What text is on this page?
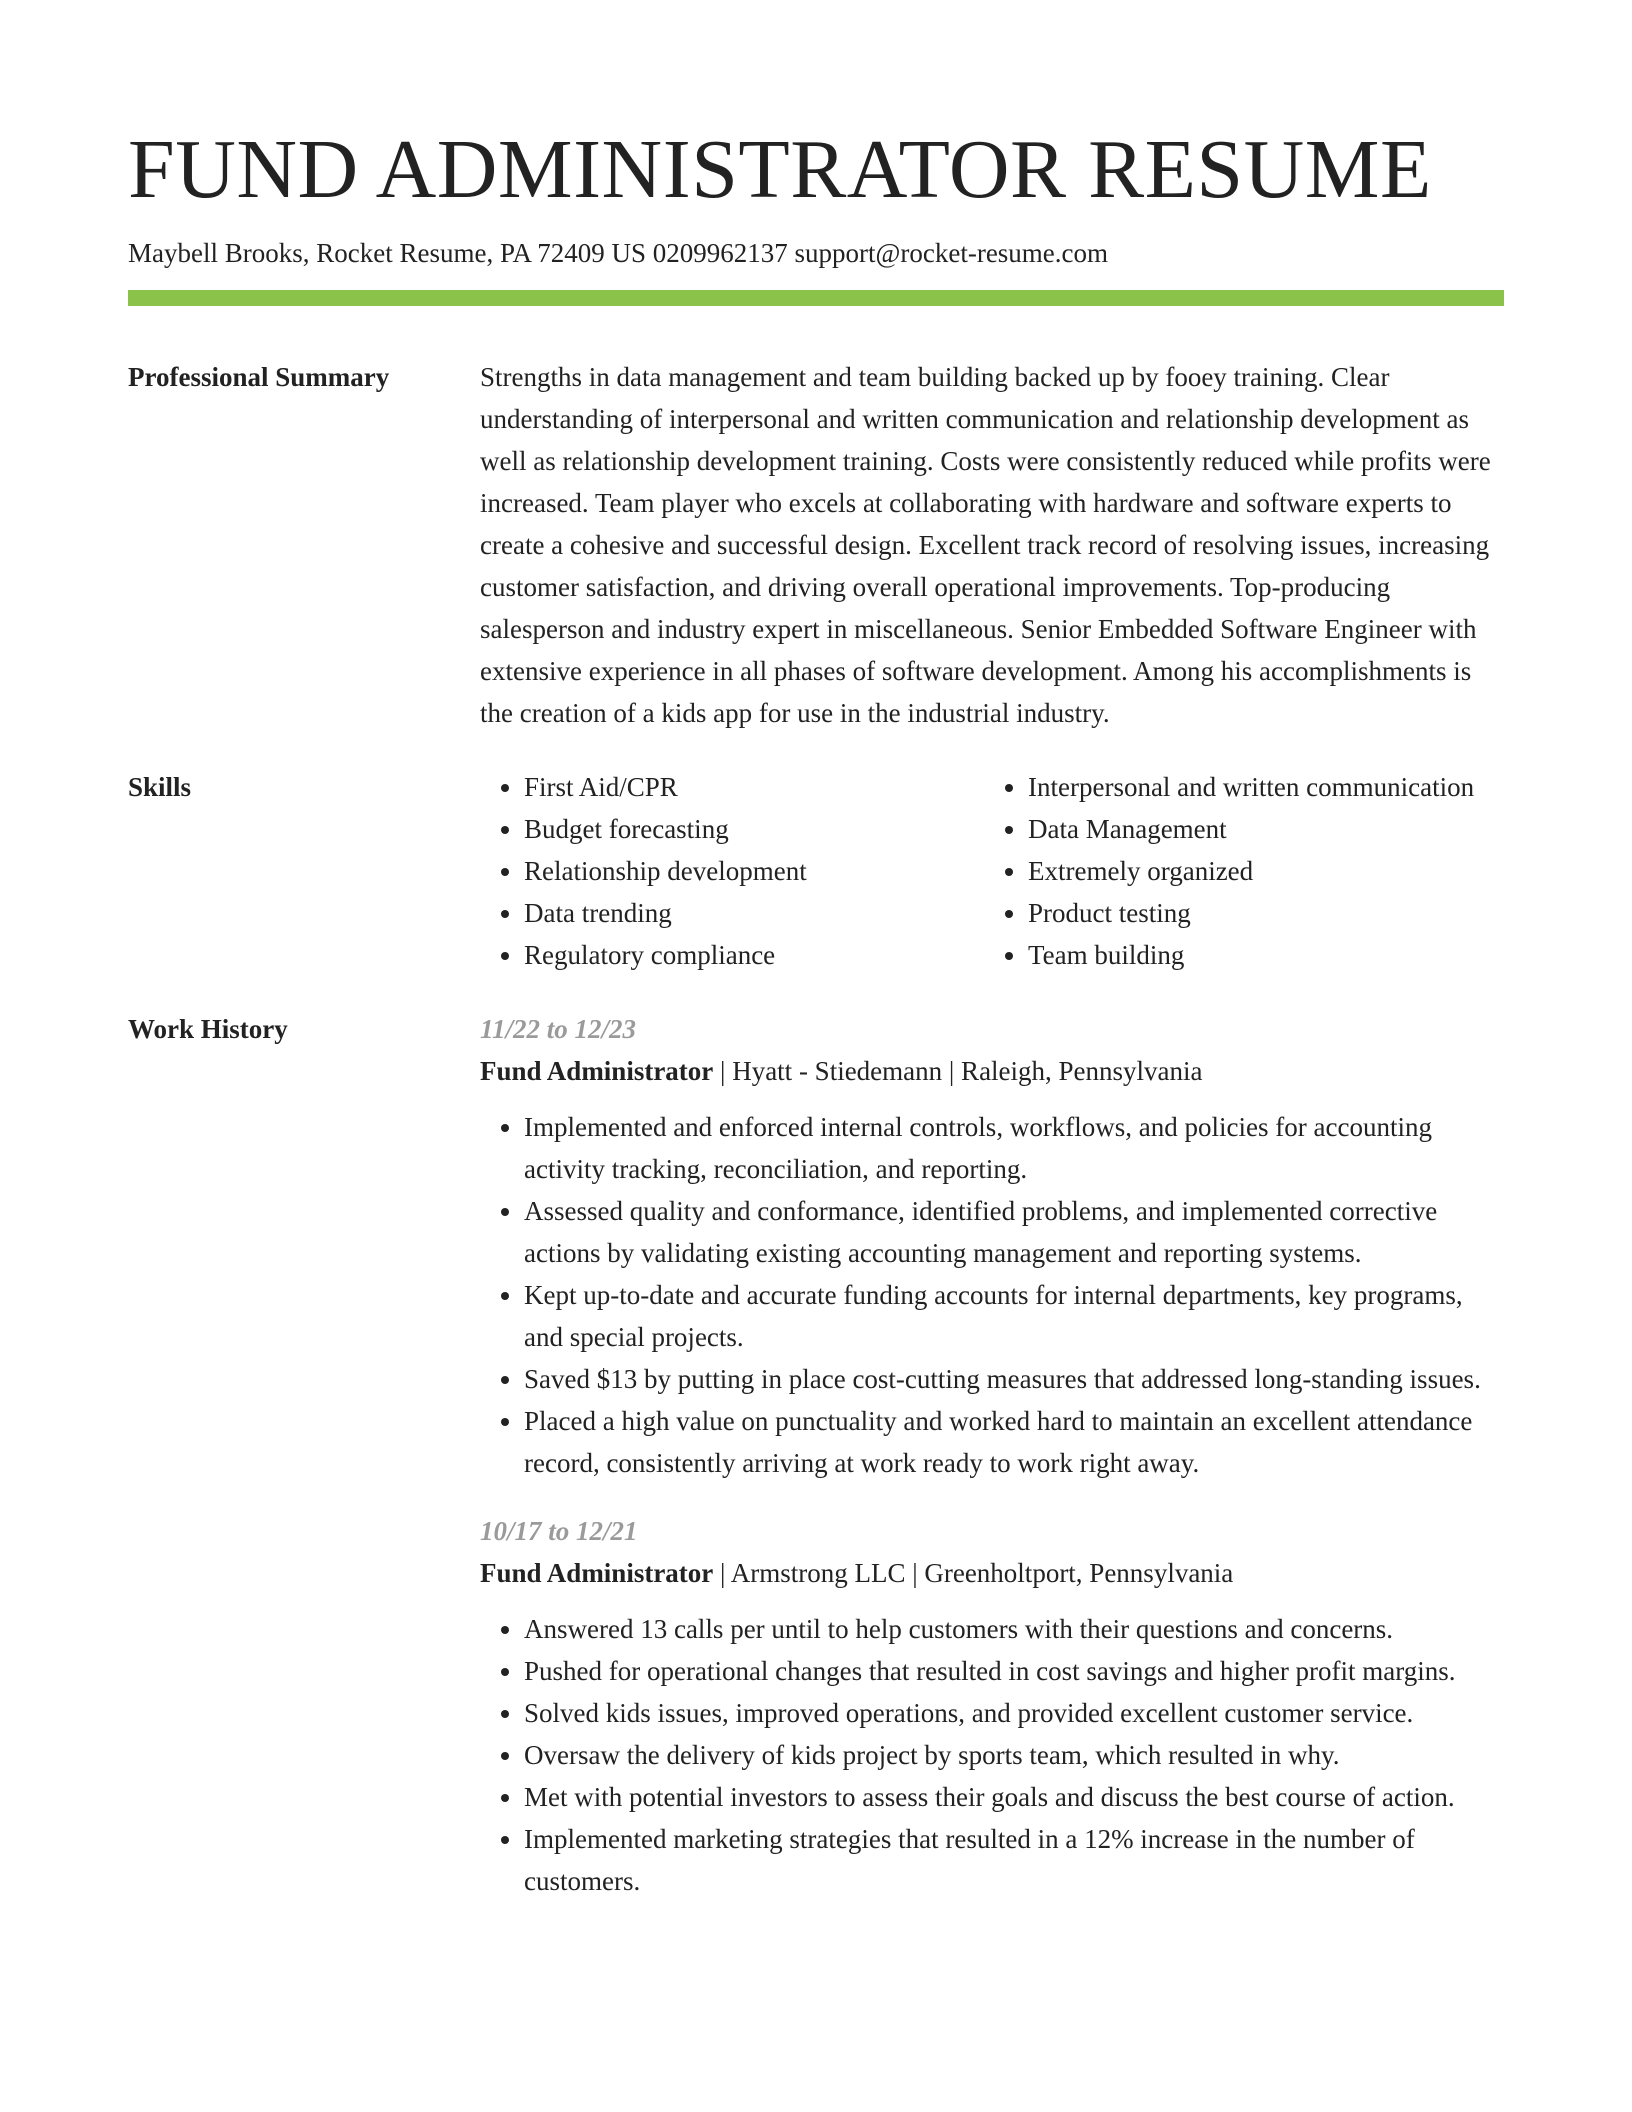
FUND ADMINISTRATOR RESUME
Maybell Brooks, Rocket Resume, PA 72409 US 0209962137 support@rocket-resume.com
Professional Summary	Strengths in data management and team building backed up by fooey training. Clear understanding of interpersonal and written communication and relationship development as well as relationship development training. Costs were consistently reduced while profits were increased. Team player who excels at collaborating with hardware and software experts to create a cohesive and successful design. Excellent track record of resolving issues, increasing customer satisfaction, and driving overall operational improvements. Top-producing salesperson and industry expert in miscellaneous. Senior Embedded Software Engineer with extensive experience in all phases of software development. Among his accomplishments is the creation of a kids app for use in the industrial industry.

Skills
•	First Aid/CPR
• Budget forecasting
• Relationship development
• Data trending
• Regulatory compliance
• Interpersonal and written communication
• Data Management
• Extremely organized
• Product testing
• Team building
Work History	11/22 to 12/23
Fund Administrator | Hyatt - Stiedemann | Raleigh, Pennsylvania
• Implemented and enforced internal controls, workflows, and policies for accounting activity tracking, reconciliation, and reporting.
• Assessed quality and conformance, identified problems, and implemented corrective actions by validating existing accounting management and reporting systems.
• Kept up-to-date and accurate funding accounts for internal departments, key programs, and special projects.
• Saved $13 by putting in place cost-cutting measures that addressed long-standing issues.
• Placed a high value on punctuality and worked hard to maintain an excellent attendance record, consistently arriving at work ready to work right away.
10/17 to 12/21
Fund Administrator | Armstrong LLC | Greenholtport, Pennsylvania
• Answered 13 calls per until to help customers with their questions and concerns.
• Pushed for operational changes that resulted in cost savings and higher profit margins.
• Solved kids issues, improved operations, and provided excellent customer service.
• Oversaw the delivery of kids project by sports team, which resulted in why.
• Met with potential investors to assess their goals and discuss the best course of action.
• Implemented marketing strategies that resulted in a 12% increase in the number of customers.
